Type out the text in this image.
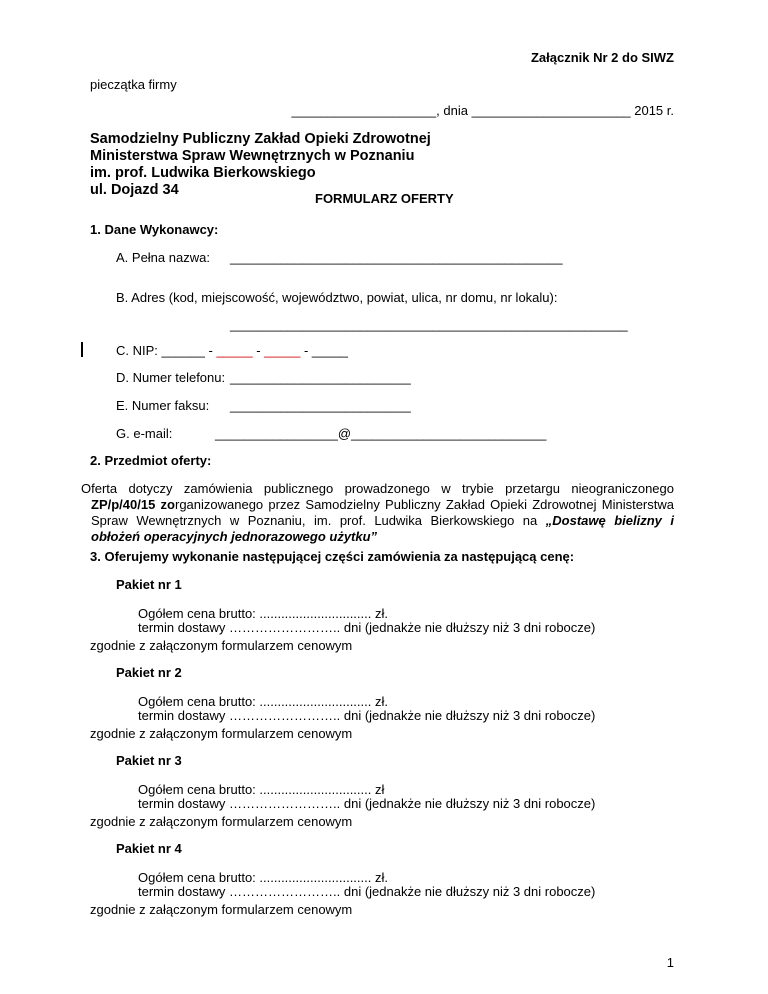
Załącznik Nr 2 do SIWZ
pieczątka firmy
____________________, dnia ______________________ 2015 r.
Samodzielny Publiczny Zakład Opieki Zdrowotnej
Ministerstwa Spraw Wewnętrznych w Poznaniu
im. prof. Ludwika Bierkowskiego
ul. Dojazd 34
FORMULARZ OFERTY
1. Dane Wykonawcy:
A. Pełna nazwa: ______________________________________________
B. Adres (kod, miejscowość, województwo, powiat, ulica, nr domu, nr lokalu):
_______________________________________________________
C. NIP: ______ - _____ - _____ - _____
D. Numer telefonu: _________________________
E. Numer faksu: _________________________
G. e-mail:	_________________@___________________________
2. Przedmiot oferty:
Oferta dotyczy zamówienia publicznego prowadzonego w trybie przetargu nieograniczonego
ZP/p/40/15 zorganizowanego przez Samodzielny Publiczny Zakład Opieki Zdrowotnej Ministerstwa
Spraw Wewnętrznych w Poznaniu, im. prof. Ludwika Bierkowskiego na „Dostawę bielizny i
obłożeń operacyjnych jednorazowego użytku”
3. Oferujemy wykonanie następującej części zamówienia za następującą cenę:
Pakiet nr 1
Ogółem cena brutto: ............................... zł.
termin dostawy …………………….. dni (jednakże nie dłuższy niż 3 dni robocze)
zgodnie z załączonym formularzem cenowym
Pakiet nr 2
Ogółem cena brutto: ............................... zł.
termin dostawy …………………….. dni (jednakże nie dłuższy niż 3 dni robocze)
zgodnie z załączonym formularzem cenowym
Pakiet nr 3
Ogółem cena brutto: ............................... zł
termin dostawy …………………….. dni (jednakże nie dłuższy niż 3 dni robocze)
zgodnie z załączonym formularzem cenowym
Pakiet nr 4
Ogółem cena brutto: ............................... zł.
termin dostawy …………………….. dni (jednakże nie dłuższy niż 3 dni robocze)
zgodnie z załączonym formularzem cenowym
1
